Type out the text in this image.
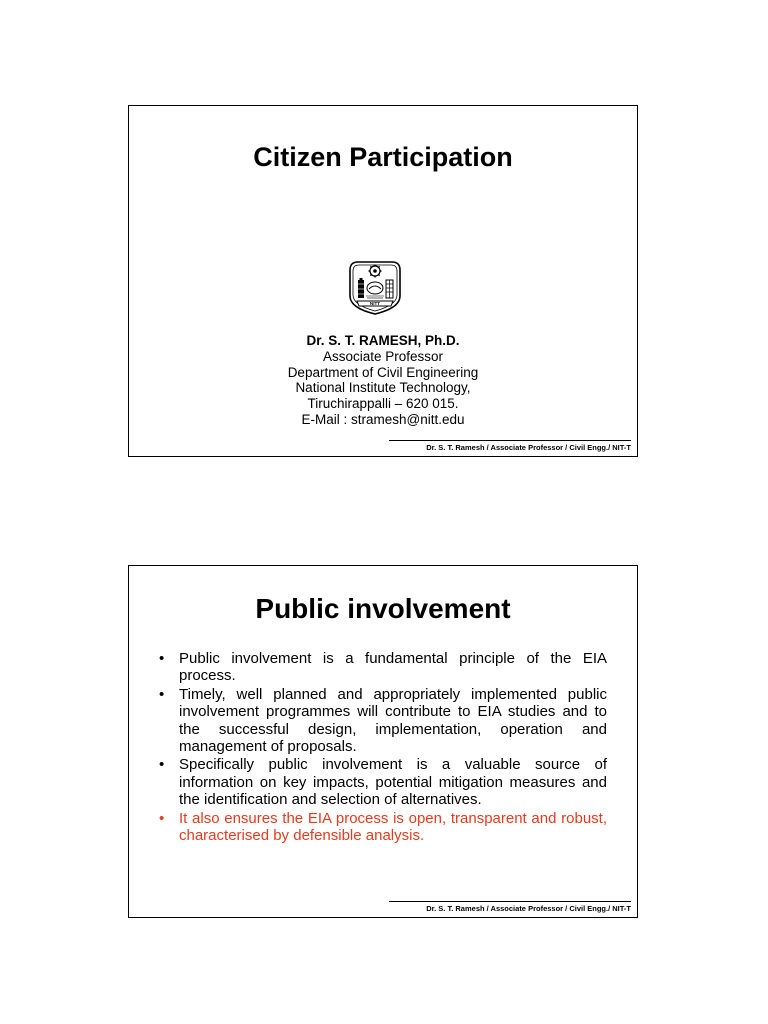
Citizen Participation
NITT
Dr. S. T. RAMESH, Ph.D.
Associate Professor
Department of Civil Engineering
National Institute Technology,
Tiruchirappalli – 620 015.
E-Mail : stramesh@nitt.edu
Dr. S. T. Ramesh / Associate Professor / Civil Engg./ NIT-T
Public involvement
• Public involvement is a fundamental principle of the EIA process.
• Timely, well planned and appropriately implemented public involvement programmes will contribute to EIA studies and to the successful design, implementation, operation and management of proposals.
• Specifically public involvement is a valuable source of information on key impacts, potential mitigation measures and the identification and selection of alternatives.
• It also ensures the EIA process is open, transparent and robust, characterised by defensible analysis.
Dr. S. T. Ramesh / Associate Professor / Civil Engg./ NIT-T
